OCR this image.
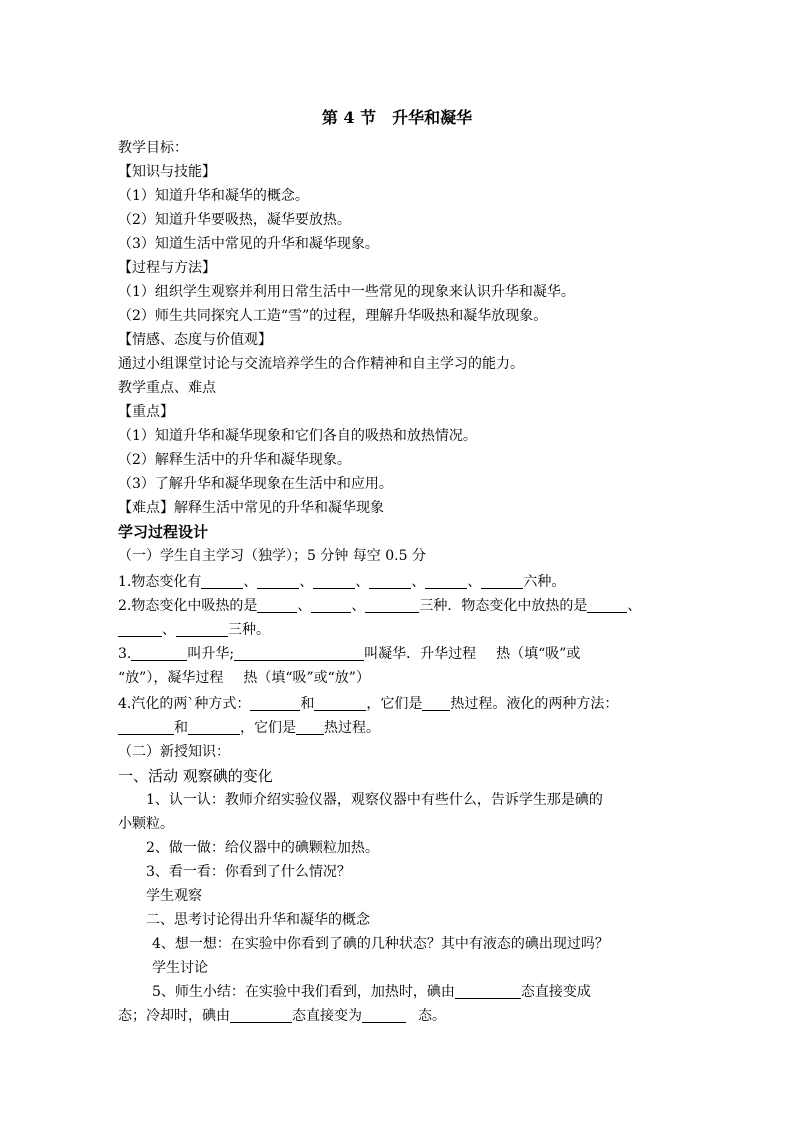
第 4 节　升华和凝华
教学目标：
【知识与技能】
（1）知道升华和凝华的概念。
（2）知道升华要吸热，凝华要放热。
（3）知道生活中常见的升华和凝华现象。
【过程与方法】
（1）组织学生观察并利用日常生活中一些常见的现象来认识升华和凝华。
（2）师生共同探究人工造“雪”的过程，理解升华吸热和凝华放现象。
【情感、态度与价值观】
通过小组课堂讨论与交流培养学生的合作精神和自主学习的能力。
教学重点、难点
【重点】
（1）知道升华和凝华现象和它们各自的吸热和放热情况。
（2）解释生活中的升华和凝华现象。
（3）了解升华和凝华现象在生活中和应用。
【难点】解释生活中常见的升华和凝华现象
学习过程设计
（一）学生自主学习（独学）；5 分钟 每空 0.5 分
1.物态变化有	、	、	、	、	、	六种。
2.物态变化中吸热的是	、	、	三种．物态变化中放热的是	、
、	三种。
3.	叫升华;	叫凝华．升华过程 热（填“吸”或
“放”），凝华过程 热（填“吸”或“放”）
4.汽化的两`种方式：	和	，它们是 热过程。液化的两种方法：
和	，它们是 热过程。
（二）新授知识：
一、活动 观察碘的变化
1、认一认：教师介绍实验仪器，观察仪器中有些什么，告诉学生那是碘的
小颗粒。
2、做一做：给仪器中的碘颗粒加热。
3、看一看：你看到了什么情况？
学生观察
二、思考讨论得出升华和凝华的概念
4、想一想：在实验中你看到了碘的几种状态？其中有液态的碘出现过吗？
学生讨论
5、师生小结：在实验中我们看到，加热时，碘由	态直接变成
态；冷却时，碘由	态直接变为	态。
